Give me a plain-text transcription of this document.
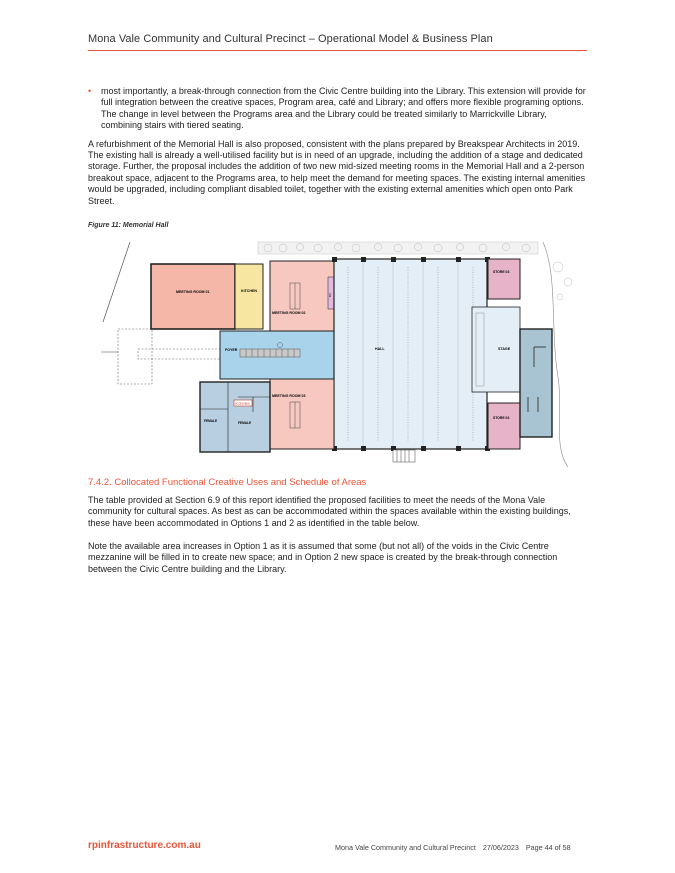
Mona Vale Community and Cultural Precinct – Operational Model & Business Plan
•	most importantly, a break-through connection from the Civic Centre building into the Library. This extension will provide for full integration between the creative spaces, Program area, café and Library; and offers more flexible programing options. The change in level between the Programs area and the Library could be treated similarly to Marrickville Library, combining stairs with tiered seating.

A refurbishment of the Memorial Hall is also proposed, consistent with the plans prepared by Breakspear Architects in 2019. The existing hall is already a well-utilised facility but is in need of an upgrade, including the addition of a stage and dedicated storage. Further, the proposal includes the addition of two new mid-sized meeting rooms in the Memorial Hall and a 2-person breakout space, adjacent to the Programs area, to help meet the demand for meeting spaces. The existing internal amenities would be upgraded, including compliant disabled toilet, together with the existing external amenities which open onto Park Street.

Figure 11: Memorial Hall
MEETING ROOM 01	KITCHEN
MEETING ROOM 02
BO
FOYER	HALL	STAGE
STORE 03
STORE 04
MEETING ROOM 03
ACCESSIBLE
FEMALE	FEMALE
7.4.2. Collocated Functional Creative Uses and Schedule of Areas

The table provided at Section 6.9 of this report identified the proposed facilities to meet the needs of the Mona Vale community for cultural spaces. As best as can be accommodated within the spaces available within the existing buildings, these have been accommodated in Options 1 and 2 as identified in the table below.

Note the available area increases in Option 1 as it is assumed that some (but not all) of the voids in the Civic Centre mezzanine will be filled in to create new space; and in Option 2 new space is created by the break-through connection between the Civic Centre building and the Library.

rpinfrastructure.com.au	Mona Vale Community and Cultural Precinct 27/06/2023 Page 44 of 58
